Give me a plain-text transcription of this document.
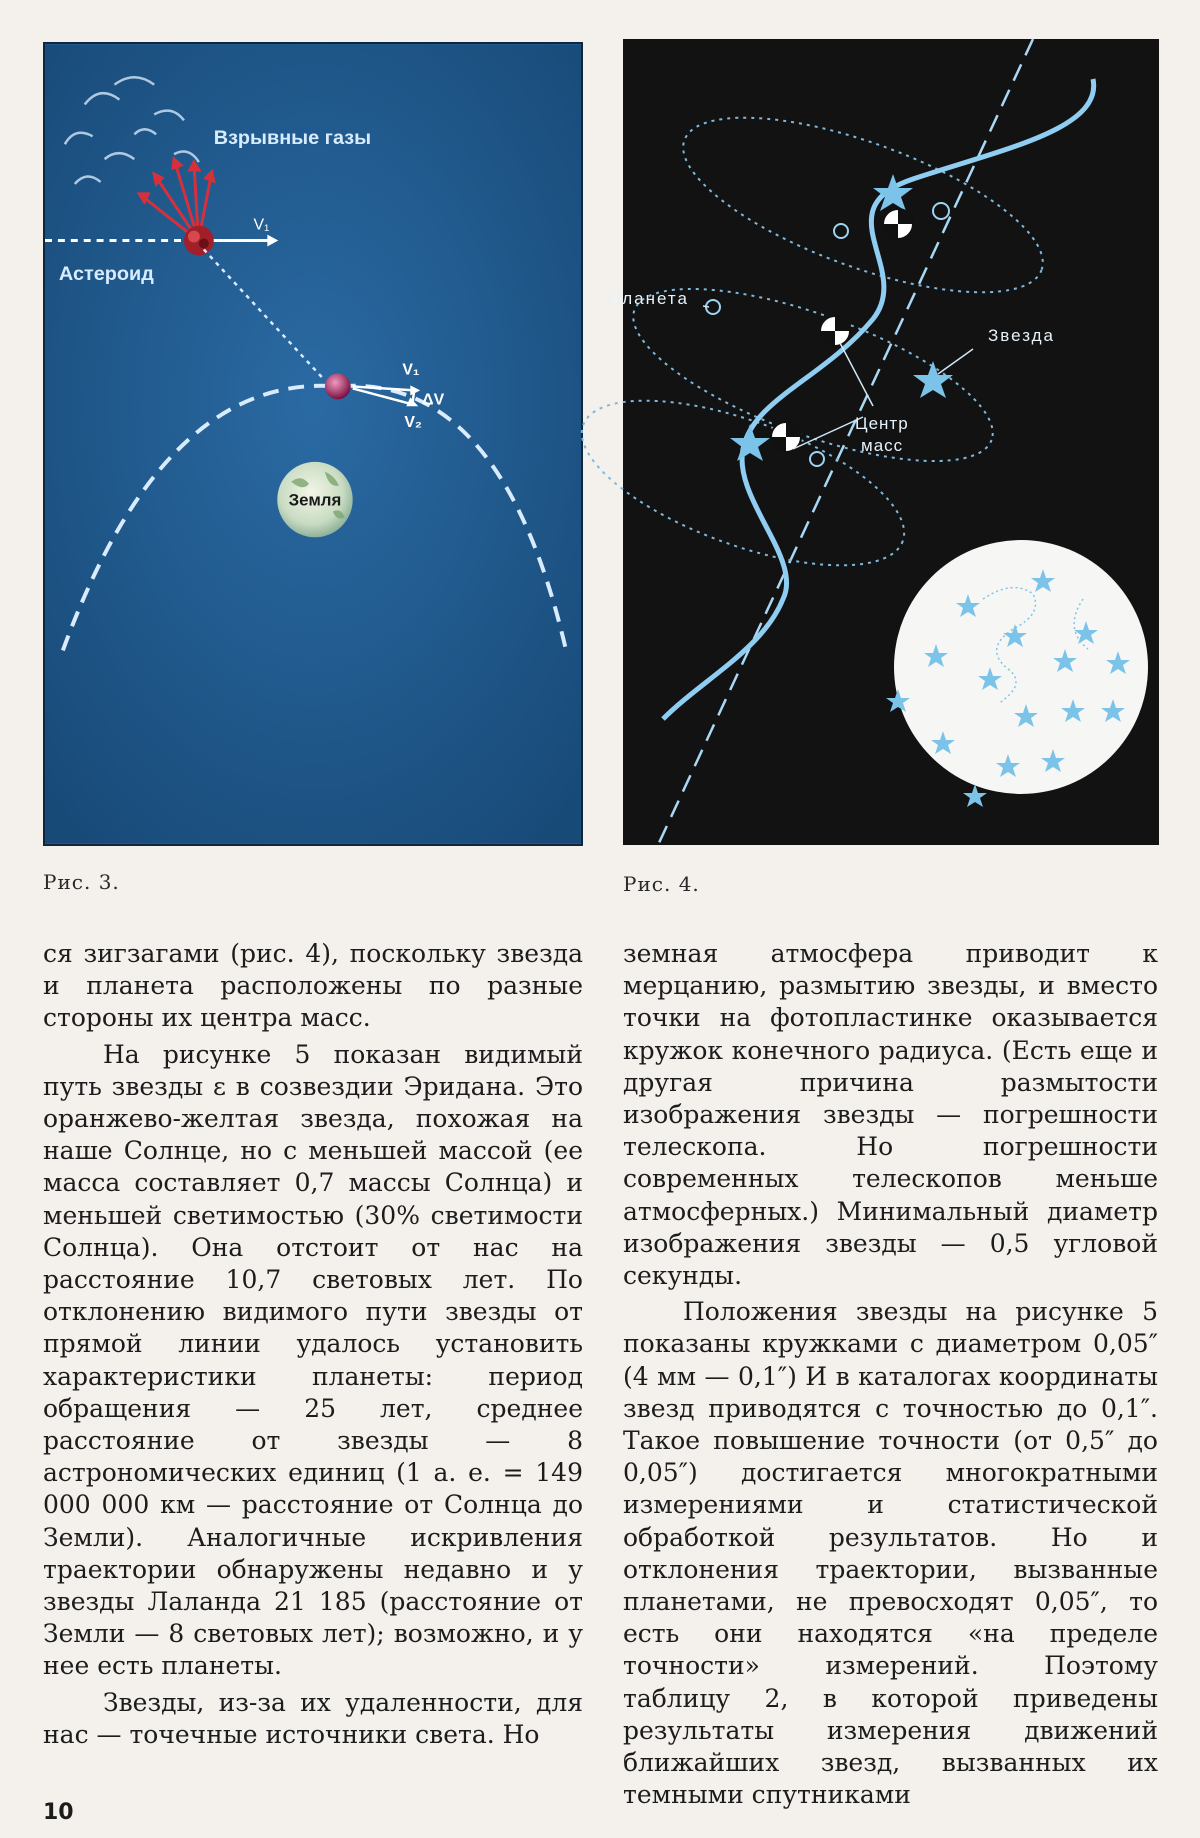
V₁
V₁
ΔV
V₂
Земля
Взрывные газы
Астероид
Планета
Звезда
Центр
масс
Рис. 3.	Рис. 4.

ся зигзагами (рис. 4), поскольку звезда и планета расположены по разные стороны их центра масс.

На рисунке 5 показан видимый путь звезды ε в созвездии Эридана. Это оранжево-желтая звезда, похожая на наше Солнце, но с меньшей массой (ее масса составляет 0,7 массы Солнца) и меньшей светимостью (30% светимости Солнца). Она отстоит от нас на расстояние 10,7 световых лет. По отклонению видимого пути звезды от прямой линии удалось установить характеристики планеты: период обращения — 25 лет, среднее расстояние от звезды — 8 астрономических единиц (1 а. е. = 149 000 000 км — расстояние от Солнца до Земли). Аналогичные искривления траектории обнаружены недавно и у звезды Лаланда 21 185 (расстояние от Земли — 8 световых лет); возможно, и у нее есть планеты.

Звезды, из-за их удаленности, для нас — точечные источники света. Но

земная атмосфера приводит к мерцанию, размытию звезды, и вместо точки на фотопластинке оказывается кружок конечного радиуса. (Есть еще и другая причина размытости изображения звезды — погрешности телескопа. Но погрешности современных телескопов меньше атмосферных.) Минимальный диаметр изображения звезды — 0,5 угловой секунды.

Положения звезды на рисунке 5 показаны кружками с диаметром 0,05″ (4 мм — 0,1″) И в каталогах координаты звезд приводятся с точностью до 0,1″. Такое повышение точности (от 0,5″ до 0,05″) достигается многократными измерениями и статистической обработкой результатов. Но и отклонения траектории, вызванные планетами, не превосходят 0,05″, то есть они находятся «на пределе точности» измерений. Поэтому таблицу 2, в которой приведены результаты измерения движений ближайших звезд, вызванных их темными спутниками

10
